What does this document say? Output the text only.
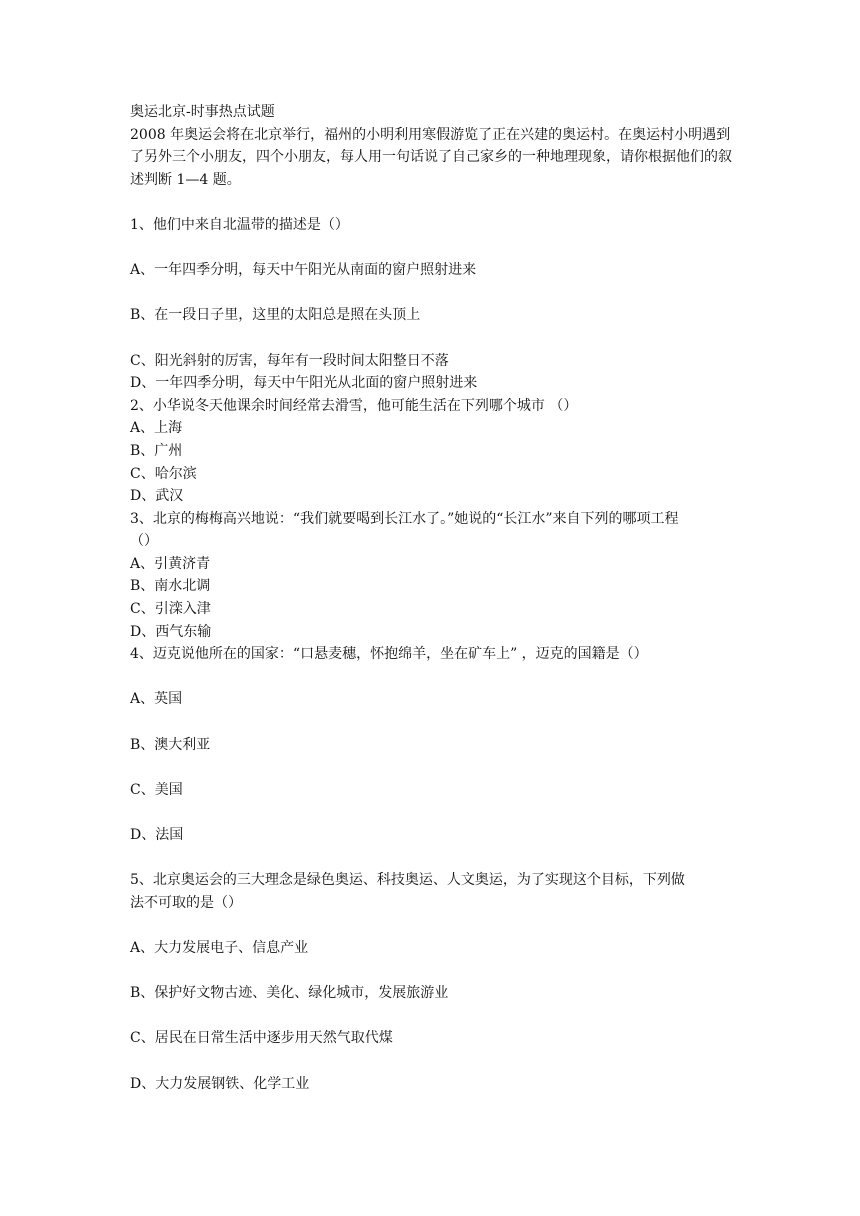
奥运北京-时事热点试题
2008 年奥运会将在北京举行，福州的小明利用寒假游览了正在兴建的奥运村。在奥运村小明遇到了另外三个小朋友，四个小朋友，每人用一句话说了自己家乡的一种地理现象，请你根据他们的叙述判断 1—4 题。
1、他们中来自北温带的描述是（）
A、一年四季分明，每天中午阳光从南面的窗户照射进来
B、在一段日子里，这里的太阳总是照在头顶上
C、阳光斜射的厉害，每年有一段时间太阳整日不落
D、一年四季分明，每天中午阳光从北面的窗户照射进来
2、小华说冬天他课余时间经常去滑雪，他可能生活在下列哪个城市 （）
A、上海
B、广州
C、哈尔滨
D、武汉
3、北京的梅梅高兴地说：“我们就要喝到长江水了。”她说的“长江水”来自下列的哪项工程
（）
A、引黄济青
B、南水北调
C、引滦入津
D、西气东输
4、迈克说他所在的国家：“口悬麦穗，怀抱绵羊，坐在矿车上” ，迈克的国籍是（）
A、英国
B、澳大利亚
C、美国
D、法国
5、北京奥运会的三大理念是绿色奥运、科技奥运、人文奥运，为了实现这个目标，下列做
法不可取的是（）
A、大力发展电子、信息产业
B、保护好文物古迹、美化、绿化城市，发展旅游业
C、居民在日常生活中逐步用天然气取代煤
D、大力发展钢铁、化学工业
